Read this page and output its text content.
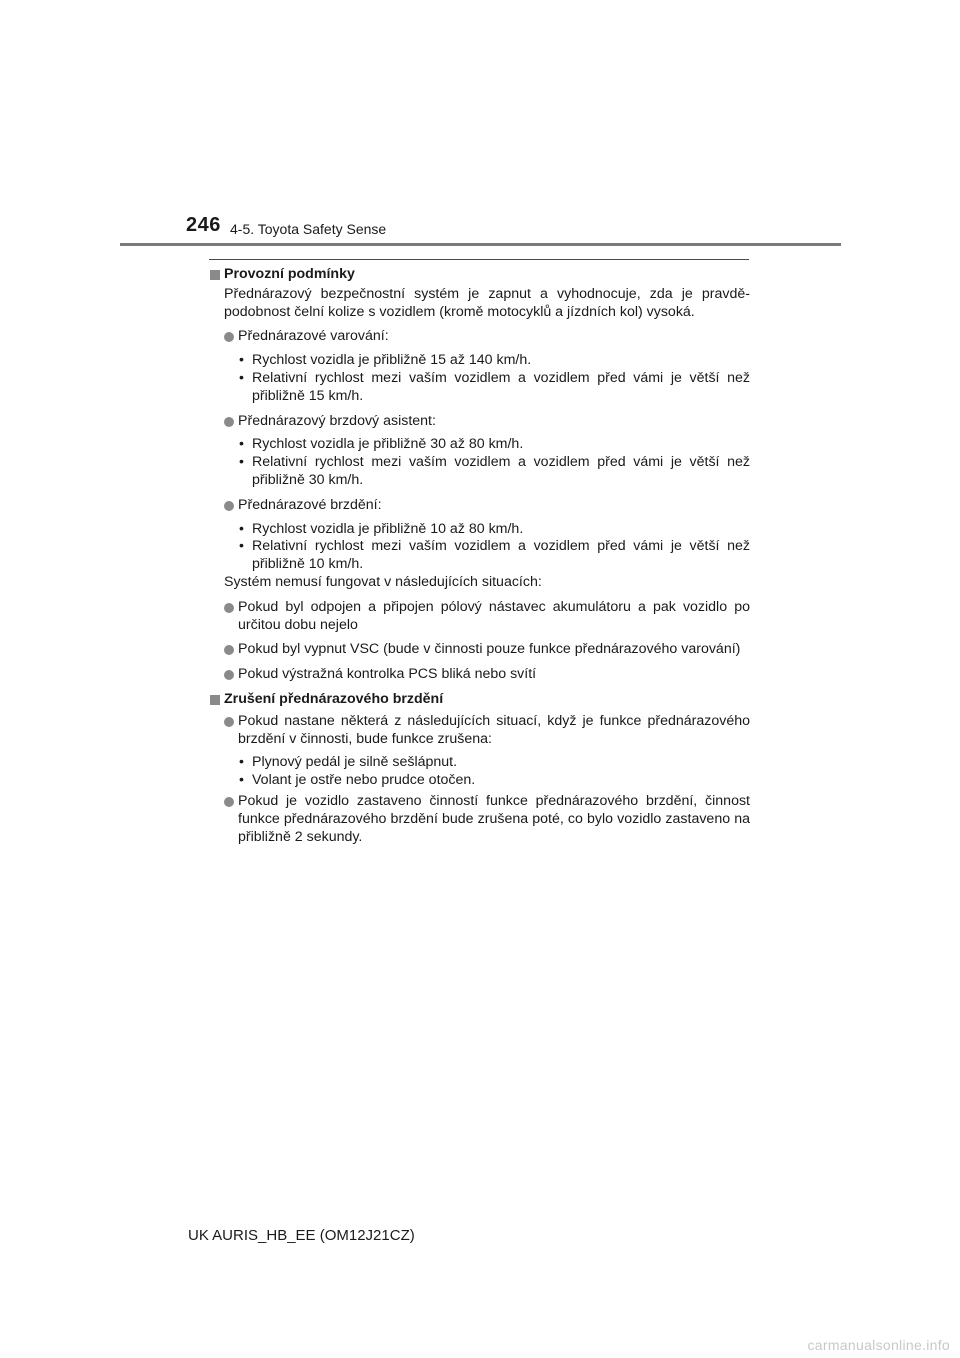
246 4-5. Toyota Safety Sense
Provozní podmínky
Přednárazový bezpečnostní systém je zapnut a vyhodnocuje, zda je pravděpodobnost čelní kolize s vozidlem (kromě motocyklů a jízdních kol) vysoká.
Přednárazové varování:
• Rychlost vozidla je přibližně 15 až 140 km/h.
• Relativní rychlost mezi vaším vozidlem a vozidlem před vámi je větší než přibližně 15 km/h.
Přednárazový brzdový asistent:
• Rychlost vozidla je přibližně 30 až 80 km/h.
• Relativní rychlost mezi vaším vozidlem a vozidlem před vámi je větší než přibližně 30 km/h.
Přednárazové brzdění:
• Rychlost vozidla je přibližně 10 až 80 km/h.
• Relativní rychlost mezi vaším vozidlem a vozidlem před vámi je větší než přibližně 10 km/h.
Systém nemusí fungovat v následujících situacích:
Pokud byl odpojen a připojen pólový nástavec akumulátoru a pak vozidlo po určitou dobu nejelo
Pokud byl vypnut VSC (bude v činnosti pouze funkce přednárazového varování)
Pokud výstražná kontrolka PCS bliká nebo svítí
Zrušení přednárazového brzdění
Pokud nastane některá z následujících situací, když je funkce přednárazového brzdění v činnosti, bude funkce zrušena:
• Plynový pedál je silně sešlápnut.
• Volant je ostře nebo prudce otočen.
Pokud je vozidlo zastaveno činností funkce přednárazového brzdění, činnost funkce přednárazového brzdění bude zrušena poté, co bylo vozidlo zastaveno na přibližně 2 sekundy.
UK AURIS_HB_EE (OM12J21CZ)
carmanualsonline.info
